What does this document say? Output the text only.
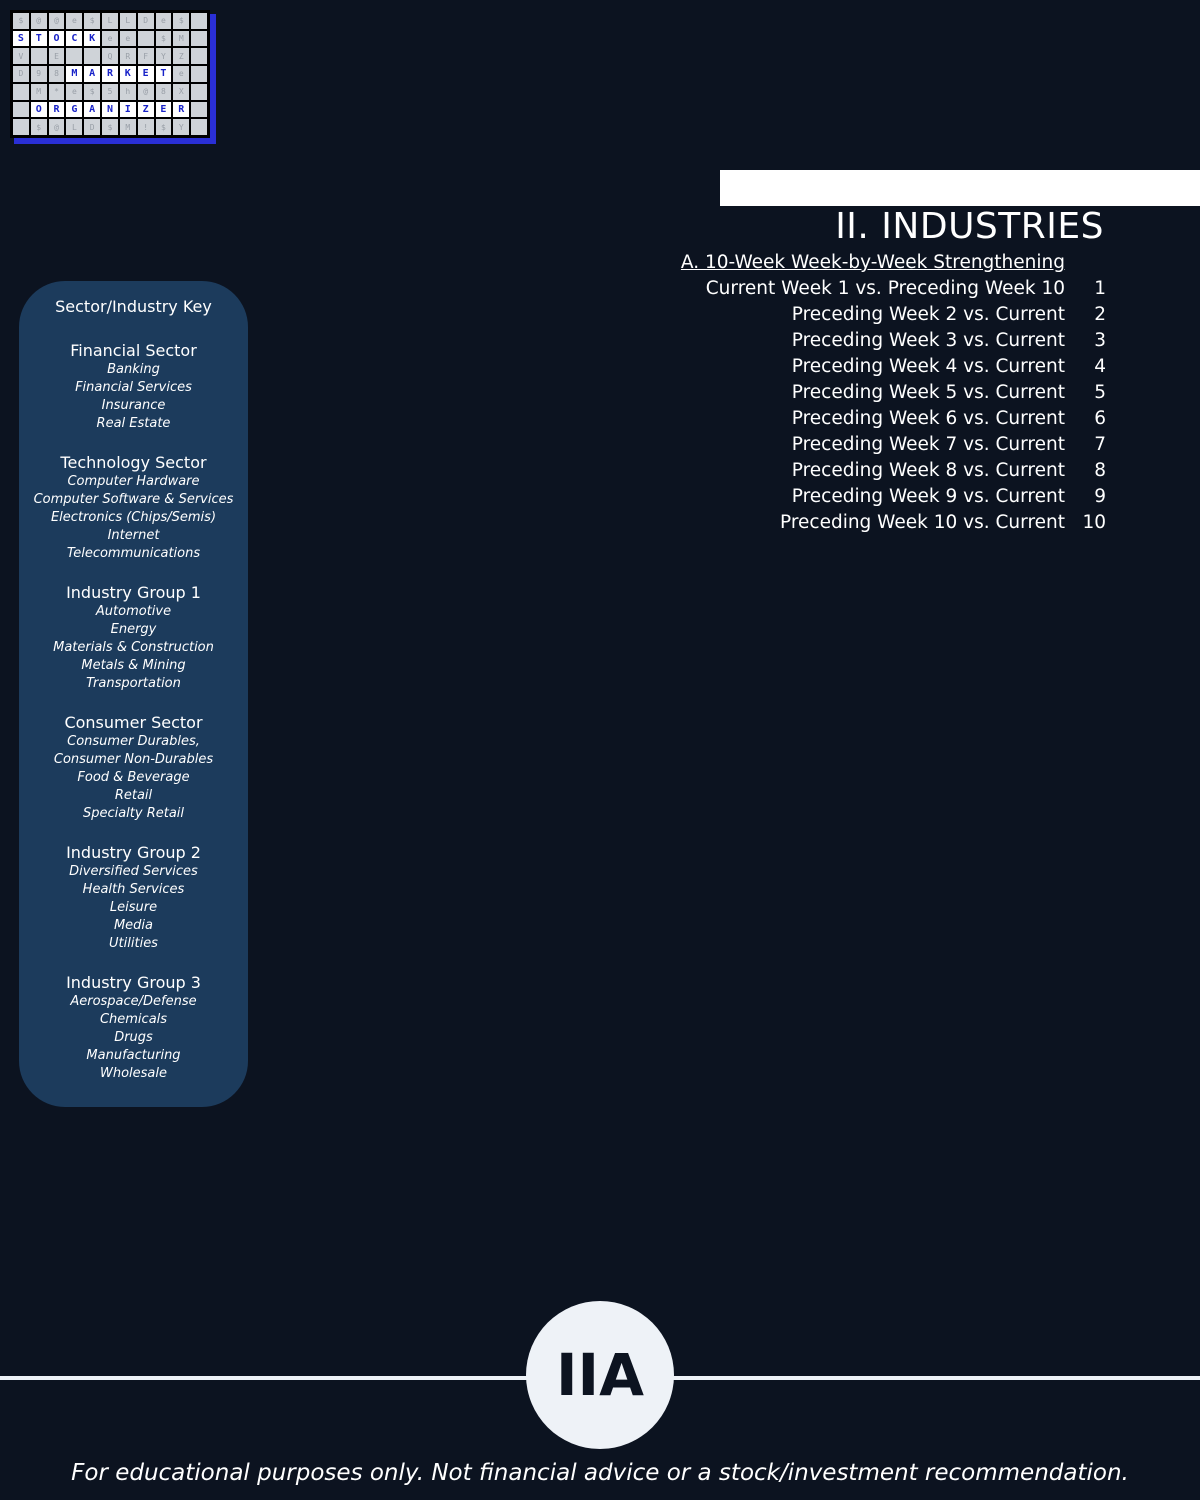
$	@	@	e	$	L	L	D	e	$
S	T	O	C	K	e	e	$	M
V	E	Q	R	F	Y	Z
D	9	8	M	A	R	K	E	T	e
M	*	e	$	5	h	@	8	X
O	R	G	A	N	I	Z	E	R
$	@	L	D	$	M	!	$	Y
II. INDUSTRIES
A. 10-Week Week-by-Week Strengthening
Current Week 1 vs. Preceding Week 10	1
Preceding Week 2 vs. Current	2
Preceding Week 3 vs. Current	3
Preceding Week 4 vs. Current	4
Preceding Week 5 vs. Current	5
Preceding Week 6 vs. Current	6
Preceding Week 7 vs. Current	7
Preceding Week 8 vs. Current	8
Preceding Week 9 vs. Current	9
Preceding Week 10 vs. Current 10
Sector/Industry Key
Financial Sector
Banking
Financial Services
Insurance
Real Estate
Technology Sector
Computer Hardware
Computer Software & Services
Electronics (Chips/Semis)
Internet
Telecommunications
Industry Group 1
Automotive
Energy
Materials & Construction
Metals & Mining
Transportation
Consumer Sector
Consumer Durables,
Consumer Non-Durables
Food & Beverage
Retail
Specialty Retail
Industry Group 2
Diversified Services
Health Services
Leisure
Media
Utilities
Industry Group 3
Aerospace/Defense
Chemicals
Drugs
Manufacturing
Wholesale
IIA
For educational purposes only. Not financial advice or a stock/investment recommendation.
